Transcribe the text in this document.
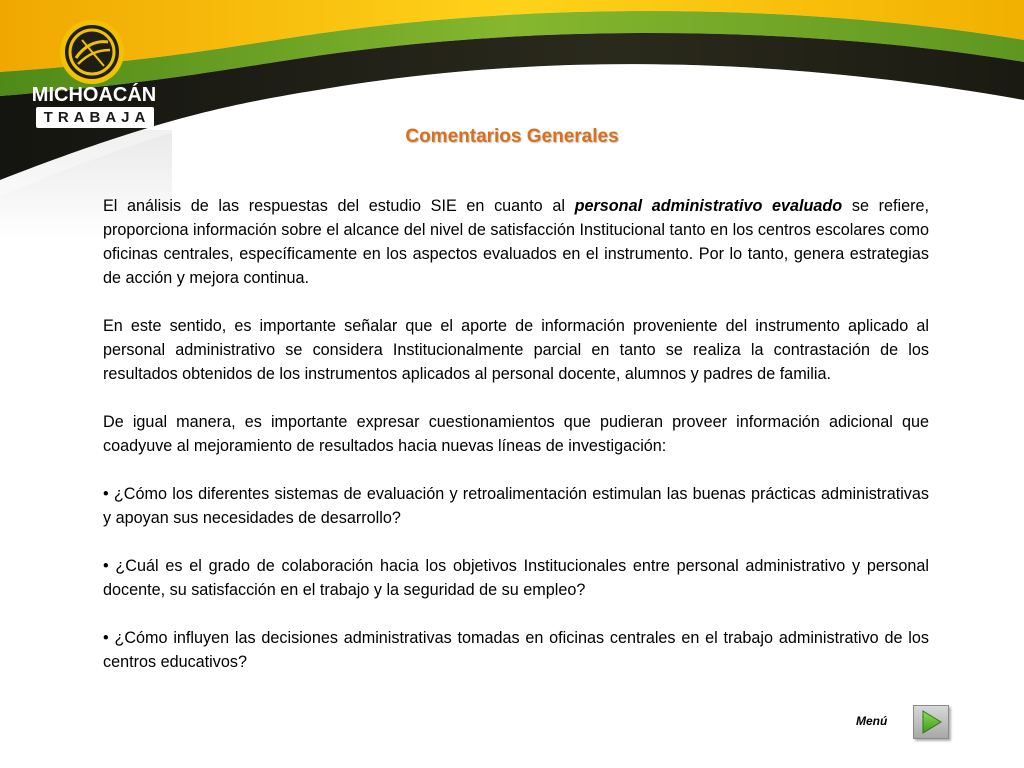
MICHOACÁN
TRABAJA
Comentarios Generales

El análisis de las respuestas del estudio SIE en cuanto al personal administrativo evaluado se refiere, proporciona información sobre el alcance del nivel de satisfacción Institucional tanto en los centros escolares como oficinas centrales, específicamente en los aspectos evaluados en el instrumento. Por lo tanto, genera estrategias de acción y mejora continua.

En este sentido, es importante señalar que el aporte de información proveniente del instrumento aplicado al personal administrativo se considera Institucionalmente parcial en tanto se realiza la contrastación de los resultados obtenidos de los instrumentos aplicados al personal docente, alumnos y padres de familia.

De igual manera, es importante expresar cuestionamientos que pudieran proveer información adicional que coadyuve al mejoramiento de resultados hacia nuevas líneas de investigación:

• ¿Cómo los diferentes sistemas de evaluación y retroalimentación estimulan las buenas prácticas administrativas y apoyan sus necesidades de desarrollo?

• ¿Cuál es el grado de colaboración hacia los objetivos Institucionales entre personal administrativo y personal docente, su satisfacción en el trabajo y la seguridad de su empleo?

• ¿Cómo influyen las decisiones administrativas tomadas en oficinas centrales en el trabajo administrativo de los centros educativos?

Menú
